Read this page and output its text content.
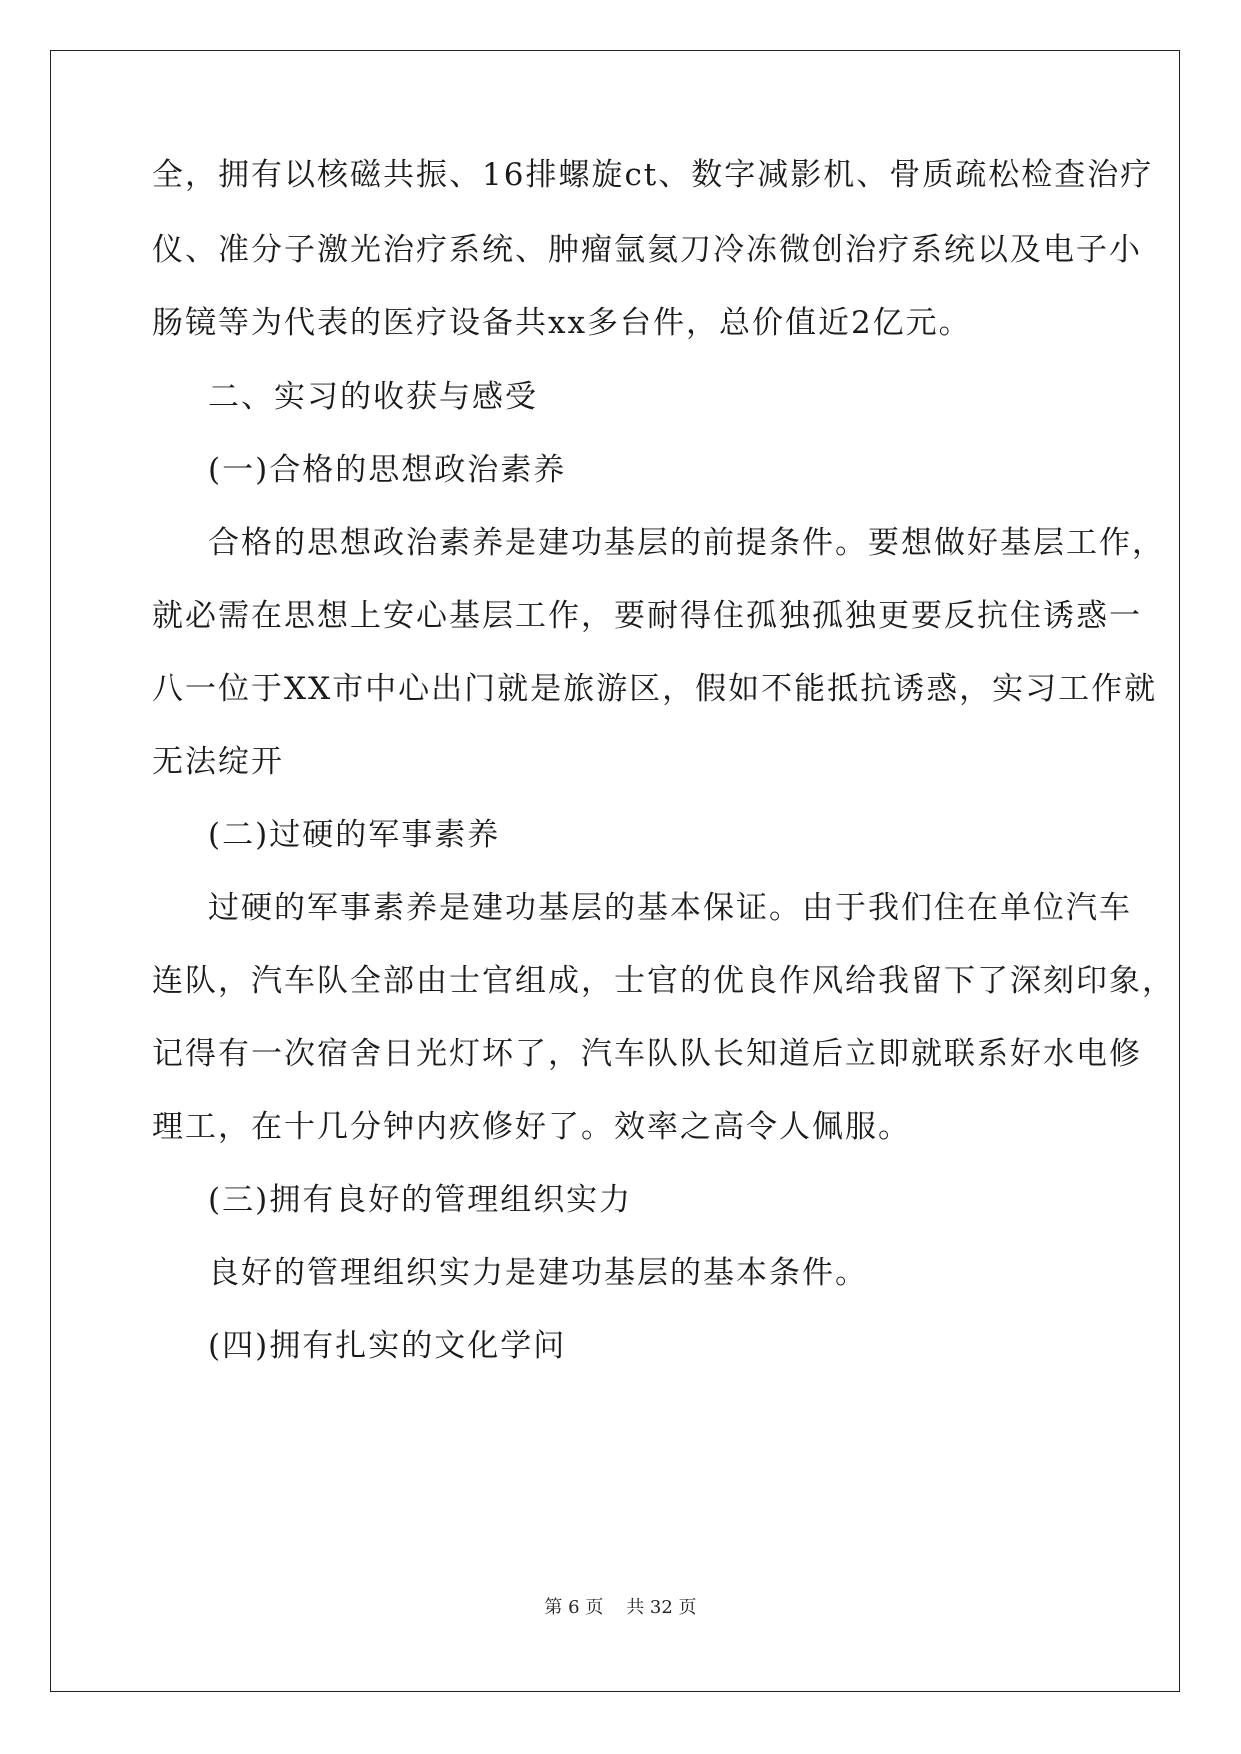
全，拥有以核磁共振、16排螺旋ct、数字减影机、骨质疏松检查治疗
仪、准分子激光治疗系统、肿瘤氩氦刀冷冻微创治疗系统以及电子小
肠镜等为代表的医疗设备共xx多台件，总价值近2亿元。
二、实习的收获与感受
(一)合格的思想政治素养
合格的思想政治素养是建功基层的前提条件。要想做好基层工作，
就必需在思想上安心基层工作，要耐得住孤独孤独更要反抗住诱惑一
八一位于XX市中心出门就是旅游区，假如不能抵抗诱惑，实习工作就
无法绽开
(二)过硬的军事素养
过硬的军事素养是建功基层的基本保证。由于我们住在单位汽车
连队，汽车队全部由士官组成，士官的优良作风给我留下了深刻印象，
记得有一次宿舍日光灯坏了，汽车队队长知道后立即就联系好水电修
理工，在十几分钟内疚修好了。效率之高令人佩服。
(三)拥有良好的管理组织实力
良好的管理组织实力是建功基层的基本条件。
(四)拥有扎实的文化学问
第 6 页    共 32 页
